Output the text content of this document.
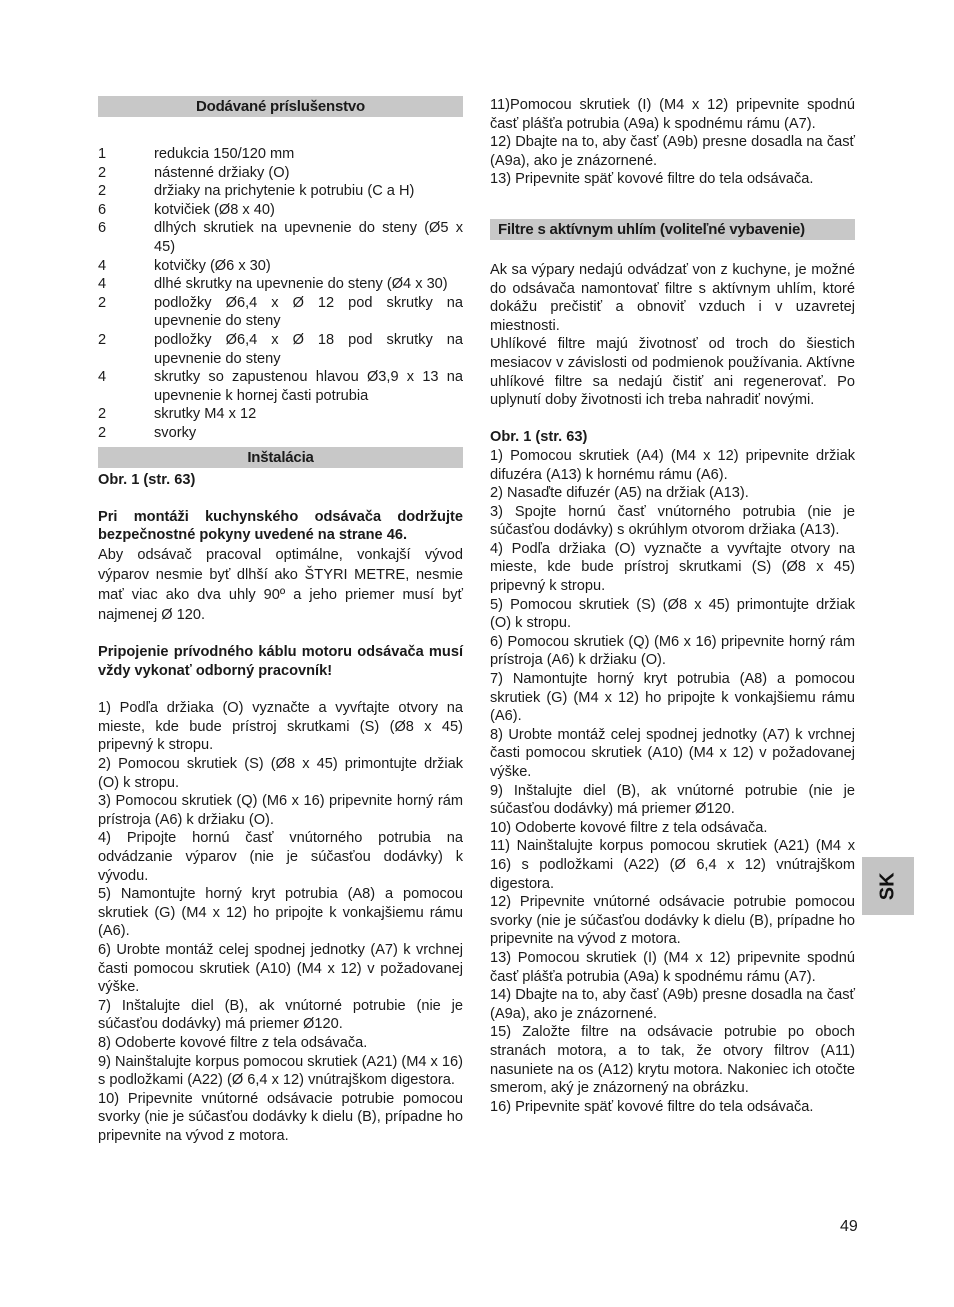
Dodávané príslušenstvo
1	redukcia 150/120 mm
2	nástenné držiaky (O)
2	držiaky na prichytenie k potrubiu (C a H)
6	kotvičiek (Ø8 x 40)
6	dlhých skrutiek na upevnenie do steny (Ø5 x 45)
4	kotvičky (Ø6 x 30)
4	dlhé skrutky na upevnenie do steny (Ø4 x 30)
2	podložky Ø6,4 x Ø 12 pod skrutky na upevnenie do steny
2	podložky Ø6,4 x Ø 18 pod skrutky na upevnenie do steny
4	skrutky so zapustenou hlavou Ø3,9 x 13 na upevnenie k hornej časti potrubia
2	skrutky M4 x 12
2	svorky
Inštalácia

Obr. 1 (str. 63)

Pri montáži kuchynského odsávača dodržujte bezpečnostné pokyny uvedené na strane 46.

Aby odsávač pracoval optimálne, vonkajší vývod výparov nesmie byť dlhší ako ŠTYRI METRE, nesmie mať viac ako dva uhly 90º a jeho priemer musí byť najmenej Ø 120.

Pripojenie prívodného káblu motoru odsávača musí vždy vykonať odborný pracovník!

1) Podľa držiaka (O) vyznačte a vyvŕtajte otvory na mieste, kde bude prístroj skrutkami (S) (Ø8 x 45) pripevný k stropu.

2) Pomocou skrutiek (S) (Ø8 x 45) primontujte držiak (O) k stropu.

3) Pomocou skrutiek (Q) (M6 x 16) pripevnite horný rám prístroja (A6) k držiaku (O).

4) Pripojte hornú časť vnútorného potrubia na odvádzanie výparov (nie je súčasťou dodávky) k vývodu.

5) Namontujte horný kryt potrubia (A8) a pomocou skrutiek (G) (M4 x 12) ho pripojte k vonkajšiemu rámu (A6).

6) Urobte montáž celej spodnej jednotky (A7) k vrchnej časti pomocou skrutiek (A10) (M4 x 12) v požadovanej výške.

7) Inštalujte diel (B), ak vnútorné potrubie (nie je súčasťou dodávky) má priemer Ø120.

8) Odoberte kovové filtre z tela odsávača.

9) Nainštalujte korpus pomocou skrutiek (A21) (M4 x 16) s podložkami (A22) (Ø 6,4 x 12) vnútrajškom digestora.

10) Pripevnite vnútorné odsávacie potrubie pomocou svorky (nie je súčasťou dodávky k dielu (B), prípadne ho pripevnite na vývod z motora.

11)Pomocou skrutiek (I) (M4 x 12) pripevnite spodnú časť plášťa potrubia (A9a) k spodnému rámu (A7).

12) Dbajte na to, aby časť (A9b) presne dosadla na časť (A9a), ako je znázornené.

13) Pripevnite späť kovové filtre do tela odsávača.

Filtre s aktívnym uhlím (voliteľné vybavenie)

Ak sa výpary nedajú odvádzať von z kuchyne, je možné do odsávača namontovať filtre s aktívnym uhlím, ktoré dokážu prečistiť a obnoviť vzduch i v uzavretej miestnosti.

Uhlíkové filtre majú životnosť od troch do šiestich mesiacov v závislosti od podmienok používania. Aktívne uhlíkové filtre sa nedajú čistiť ani regenerovať. Po uplynutí doby životnosti ich treba nahradiť novými.

Obr. 1 (str. 63)

1) Pomocou skrutiek (A4) (M4 x 12) pripevnite držiak difuzéra (A13) k hornému rámu (A6).

2) Nasaďte difuzér (A5) na držiak (A13).

3) Spojte hornú časť vnútorného potrubia (nie je súčasťou dodávky) s okrúhlym otvorom držiaka (A13).

4) Podľa držiaka (O) vyznačte a vyvŕtajte otvory na mieste, kde bude prístroj skrutkami (S) (Ø8 x 45) pripevný k stropu.

5) Pomocou skrutiek (S) (Ø8 x 45) primontujte držiak (O) k stropu.

6) Pomocou skrutiek (Q) (M6 x 16) pripevnite horný rám prístroja (A6) k držiaku (O).

7) Namontujte horný kryt potrubia (A8) a pomocou skrutiek (G) (M4 x 12) ho pripojte k vonkajšiemu rámu (A6).

8) Urobte montáž celej spodnej jednotky (A7) k vrchnej časti pomocou skrutiek (A10) (M4 x 12) v požadovanej výške.

9) Inštalujte diel (B), ak vnútorné potrubie (nie je súčasťou dodávky) má priemer Ø120.

10) Odoberte kovové filtre z tela odsávača.

11) Nainštalujte korpus pomocou skrutiek (A21) (M4 x 16) s podložkami (A22) (Ø 6,4 x 12) vnútrajškom digestora.

12) Pripevnite vnútorné odsávacie potrubie pomocou svorky (nie je súčasťou dodávky k dielu (B), prípadne ho pripevnite na vývod z motora.

13) Pomocou skrutiek (I) (M4 x 12) pripevnite spodnú časť plášťa potrubia (A9a) k spodnému rámu (A7).

14) Dbajte na to, aby časť (A9b) presne dosadla na časť (A9a), ako je znázornené.

15) Založte filtre na odsávacie potrubie po oboch stranách motora, a to tak, že otvory filtrov (A11) nasuniete na os (A12) krytu motora. Nakoniec ich otočte smerom, aký je znázornený na obrázku.

16) Pripevnite späť kovové filtre do tela odsávača.

SK
49
